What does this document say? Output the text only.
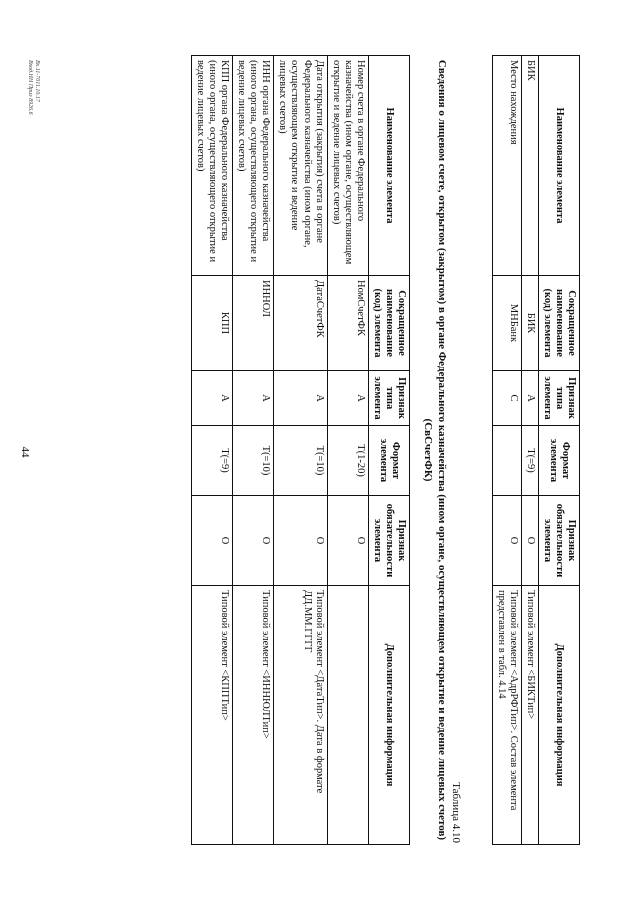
44
Наименование элемента	Сокращенное наименование (код) элемента	Признак типа элемента	Формат элемента	Признак обязательности элемента	Дополнительная информация
БИК	БИК	А	Т(=9)	О	Типовой элемент <БИКТип>
Место нахождения	МНБанк	С		О	Типовой элемент <АдрРФТип>. Состав элемента представлен в табл. 4.14
Таблица 4.10
Сведения о лицевом счете, открытом (закрытом) в органе Федерального казначейства (ином органе, осуществляющем открытие и ведение лицевых счетов) (СвСчетФК)
Наименование элемента	Сокращенное наименование (код) элемента	Признак типа элемента	Формат элемента	Признак обязательности элемента	Дополнительная информация
Номер счета в органе Федерального казначейства (ином органе, осуществляющем открытие и ведение лицевых счетов)	НомСчетФК	А	Т(1-20)	О	
Дата открытия (закрытия) счета в органе Федерального казначейства (ином органе, осуществляющем открытие и ведение лицевых счетов)	ДатаСчетФК	А	Т(=10)	О	Типовой элемент <ДатаТип>. Дата в формате ДД.ММ.ГГГГ
ИНН органа Федерального казначейства (иного органа, осуществляющего открытие и ведение лицевых счетов)	ИННОЛ	А	Т(=10)	О	Типовой элемент <ИННЮЛТип>
КПП органа Федерального казначейства (иного органа, осуществляющего открытие и ведение лицевых счетов)	КПП	А	Т(=9)	О	Типовой элемент <КППТип>
Вх.11-7011.10.17
Вход.НН Прил 8926.6
